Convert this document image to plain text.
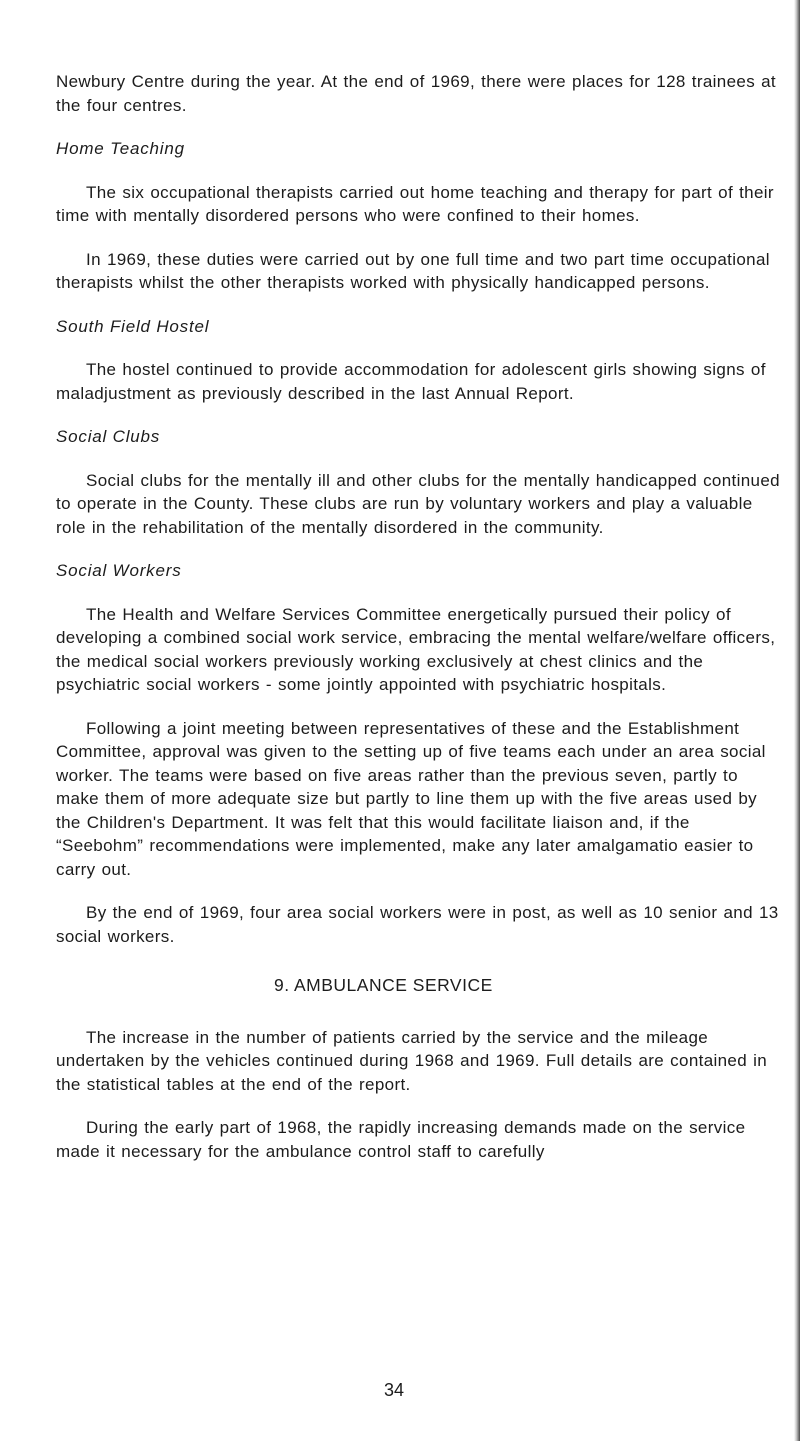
Newbury Centre during the year. At the end of 1969, there were places for 128 trainees at the four centres.

Home Teaching

The six occupational therapists carried out home teaching and therapy for part of their time with mentally disordered persons who were confined to their homes.

In 1969, these duties were carried out by one full time and two part time occupational therapists whilst the other therapists worked with physically handicapped persons.

South Field Hostel

The hostel continued to provide accommodation for adolescent girls showing signs of maladjustment as previously described in the last Annual Report.

Social Clubs

Social clubs for the mentally ill and other clubs for the mentally handicapped continued to operate in the County. These clubs are run by voluntary workers and play a valuable role in the rehabilitation of the mentally disordered in the community.

Social Workers

The Health and Welfare Services Committee energetically pursued their policy of developing a combined social work service, embracing the mental welfare/welfare officers, the medical social workers previously working exclusively at chest clinics and the psychiatric social workers - some jointly appointed with psychiatric hospitals.

Following a joint meeting between representatives of these and the Establishment Committee, approval was given to the setting up of five teams each under an area social worker. The teams were based on five areas rather than the previous seven, partly to make them of more adequate size but partly to line them up with the five areas used by the Children's Department. It was felt that this would facilitate liaison and, if the “Seebohm” recommendations were implemented, make any later amalgamatio easier to carry out.

By the end of 1969, four area social workers were in post, as well as 10 senior and 13 social workers.

9. AMBULANCE SERVICE

The increase in the number of patients carried by the service and the mileage undertaken by the vehicles continued during 1968 and 1969. Full details are contained in the statistical tables at the end of the report.

During the early part of 1968, the rapidly increasing demands made on the service made it necessary for the ambulance control staff to carefully

34
